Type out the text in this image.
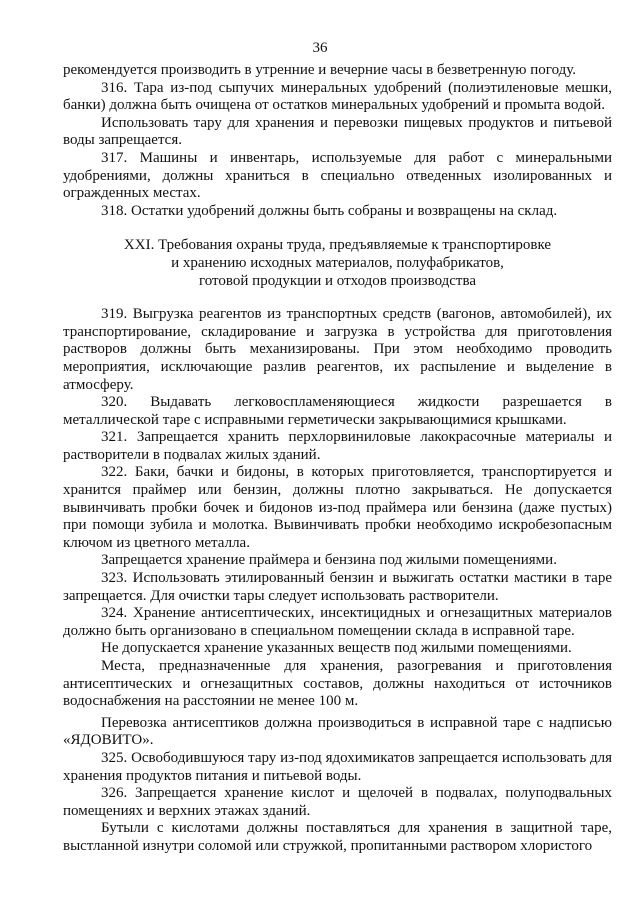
36

рекомендуется производить в утренние и вечерние часы в безветренную погоду.

316. Тара из-под сыпучих минеральных удобрений (полиэтиленовые мешки, банки) должна быть очищена от остатков минеральных удобрений и промыта водой.

Использовать тару для хранения и перевозки пищевых продуктов и питьевой воды запрещается.

317. Машины и инвентарь, используемые для работ с минеральными удобрениями, должны храниться в специально отведенных изолированных и огражденных местах.

318. Остатки удобрений должны быть собраны и возвращены на склад.

XXI. Требования охраны труда, предъявляемые к транспортировке
и хранению исходных материалов, полуфабрикатов,
готовой продукции и отходов производства

319. Выгрузка реагентов из транспортных средств (вагонов, автомобилей), их транспортирование, складирование и загрузка в устройства для приготовления растворов должны быть механизированы. При этом необходимо проводить мероприятия, исключающие разлив реагентов, их распыление и выделение в атмосферу.

320. Выдавать легковоспламеняющиеся жидкости разрешается в металлической таре с исправными герметически закрывающимися крышками.

321. Запрещается хранить перхлорвиниловые лакокрасочные материалы и растворители в подвалах жилых зданий.

322. Баки, бачки и бидоны, в которых приготовляется, транспортируется и хранится праймер или бензин, должны плотно закрываться. Не допускается вывинчивать пробки бочек и бидонов из-под праймера или бензина (даже пустых) при помощи зубила и молотка. Вывинчивать пробки необходимо искробезопасным ключом из цветного металла.

Запрещается хранение праймера и бензина под жилыми помещениями.

323. Использовать этилированный бензин и выжигать остатки мастики в таре запрещается. Для очистки тары следует использовать растворители.

324. Хранение антисептических, инсектицидных и огнезащитных материалов должно быть организовано в специальном помещении склада в исправной таре.

Не допускается хранение указанных веществ под жилыми помещениями.

Места, предназначенные для хранения, разогревания и приготовления антисептических и огнезащитных составов, должны находиться от источников водоснабжения на расстоянии не менее 100 м.

Перевозка антисептиков должна производиться в исправной таре с надписью «ЯДОВИТО».

325. Освободившуюся тару из-под ядохимикатов запрещается использовать для хранения продуктов питания и питьевой воды.

326. Запрещается хранение кислот и щелочей в подвалах, полуподвальных помещениях и верхних этажах зданий.

Бутыли с кислотами должны поставляться для хранения в защитной таре, выстланной изнутри соломой или стружкой, пропитанными раствором хлористого
